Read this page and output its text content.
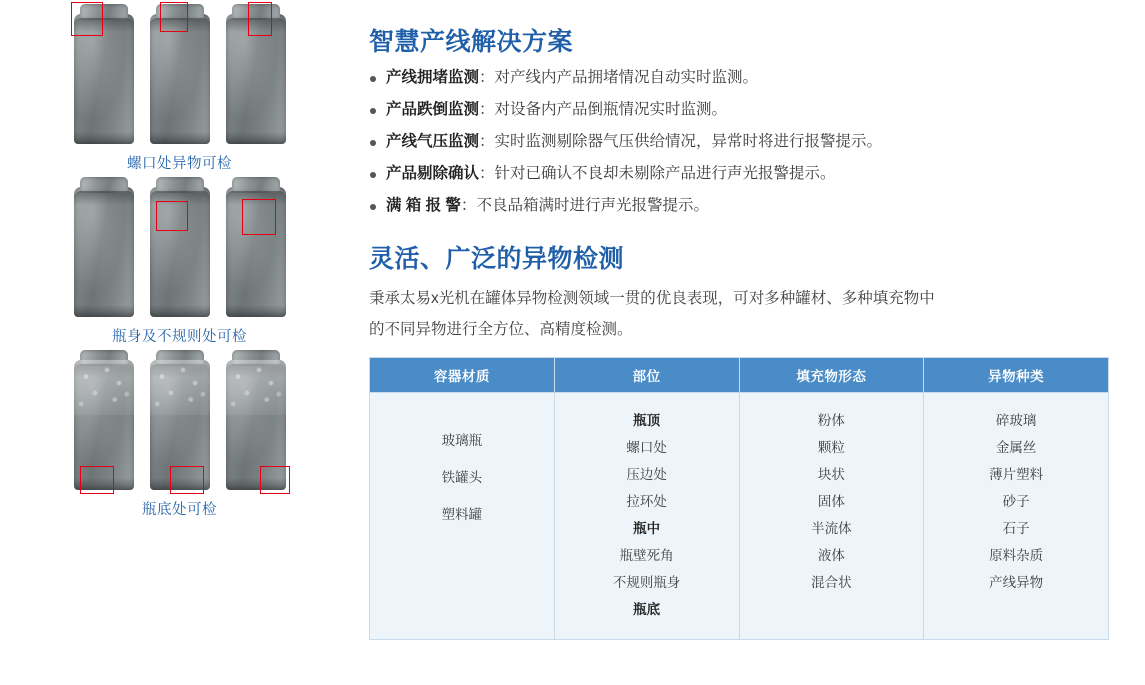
螺口处异物可检
瓶身及不规则处可检
瓶底处可检
智慧产线解决方案
产线拥堵监测：对产线内产品拥堵情况自动实时监测。
产品跌倒监测：对设备内产品倒瓶情况实时监测。
产线气压监测：实时监测剔除器气压供给情况，异常时将进行报警提示。
产品剔除确认：针对已确认不良却未剔除产品进行声光报警提示。
满 箱 报 警：不良品箱满时进行声光报警提示。
灵活、广泛的异物检测

秉承太易x光机在罐体异物检测领域一贯的优良表现，可对多种罐材、多种填充物中

的不同异物进行全方位、高精度检测。

容器材质	部位	填充物形态	异物种类

玻璃瓶
铁罐头
塑料罐

瓶顶
螺口处
压边处
拉环处
瓶中
瓶壁死角
不规则瓶身
瓶底

粉体
颗粒
块状
固体
半流体
液体
混合状

碎玻璃
金属丝
薄片塑料
砂子
石子
原料杂质
产线异物
